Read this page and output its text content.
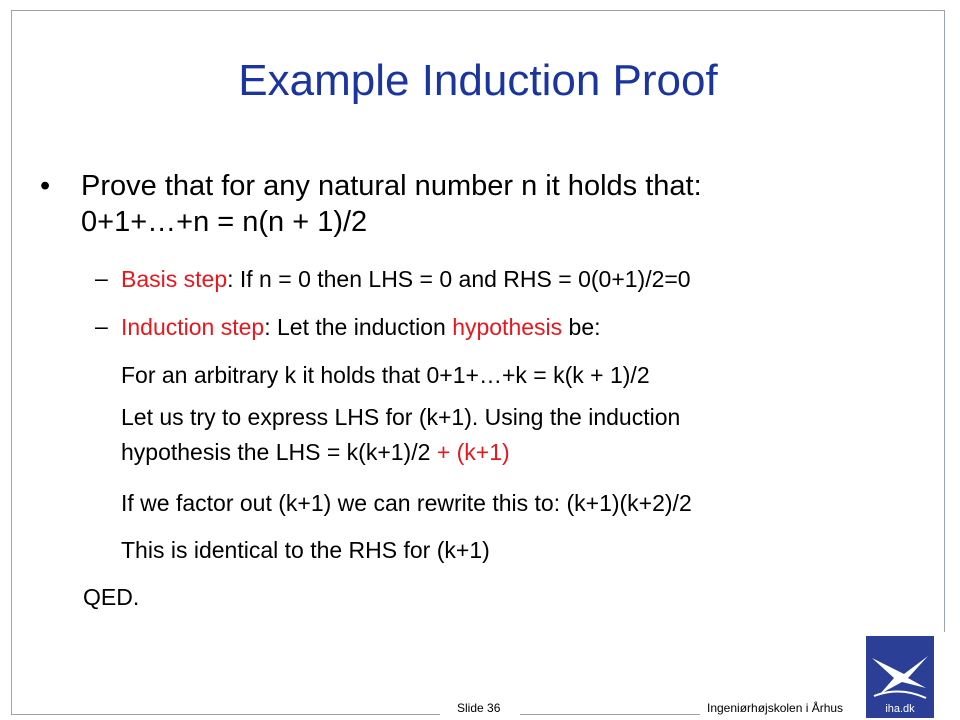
Example Induction Proof
• Prove that for any natural number n it holds that:
0+1+…+n = n(n + 1)/2
– Basis step: If n = 0 then LHS = 0 and RHS = 0(0+1)/2=0
– Induction step: Let the induction hypothesis be:
For an arbitrary k it holds that 0+1+…+k = k(k + 1)/2
Let us try to express LHS for (k+1). Using the induction
hypothesis the LHS = k(k+1)/2 + (k+1)
If we factor out (k+1) we can rewrite this to: (k+1)(k+2)/2
This is identical to the RHS for (k+1)
QED.
Slide 36	Ingeniørhøjskolen i Århus	iha.dk
